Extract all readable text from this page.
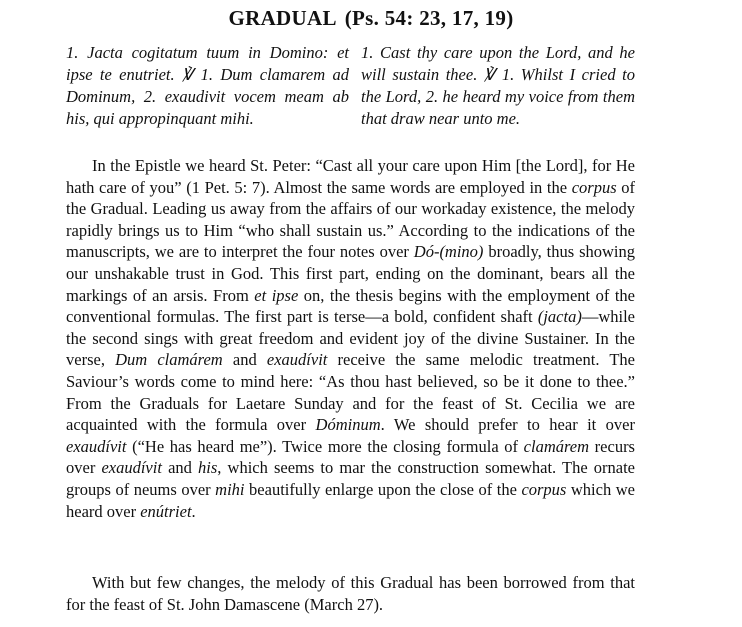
GRADUAL (Ps. 54: 23, 17, 19)
1. Jacta cogitatum tuum in Domino: et ipse te enutriet. ℣ 1. Dum clamarem ad Dominum, 2. exaudivit vocem meam ab his, qui appropinquant mihi.
1. Cast thy care upon the Lord, and he will sustain thee. ℣ 1. Whilst I cried to the Lord, 2. he heard my voice from them that draw near unto me.

In the Epistle we heard St. Peter: “Cast all your care upon Him [the Lord], for He hath care of you” (1 Pet. 5: 7). Almost the same words are employed in the corpus of the Gradual. Leading us away from the affairs of our workaday existence, the melody rapidly brings us to Him “who shall sustain us.” According to the indications of the manuscripts, we are to interpret the four notes over Dó-(mino) broadly, thus showing our unshakable trust in God. This first part, ending on the dominant, bears all the markings of an arsis. From et ipse on, the thesis begins with the employment of the conventional formulas. The first part is terse—a bold, confident shaft (jacta)—while the second sings with great freedom and evident joy of the divine Sustainer. In the verse, Dum clamárem and exaudívit receive the same melodic treatment. The Saviour’s words come to mind here: “As thou hast believed, so be it done to thee.” From the Graduals for Laetare Sunday and for the feast of St. Cecilia we are acquainted with the formula over Dóminum. We should prefer to hear it over exaudívit (“He has heard me”). Twice more the closing formula of clamárem recurs over exaudívit and his, which seems to mar the construction somewhat. The ornate groups of neums over mihi beautifully enlarge upon the close of the corpus which we heard over enútriet.

With but few changes, the melody of this Gradual has been borrowed from that for the feast of St. John Damascene (March 27).
